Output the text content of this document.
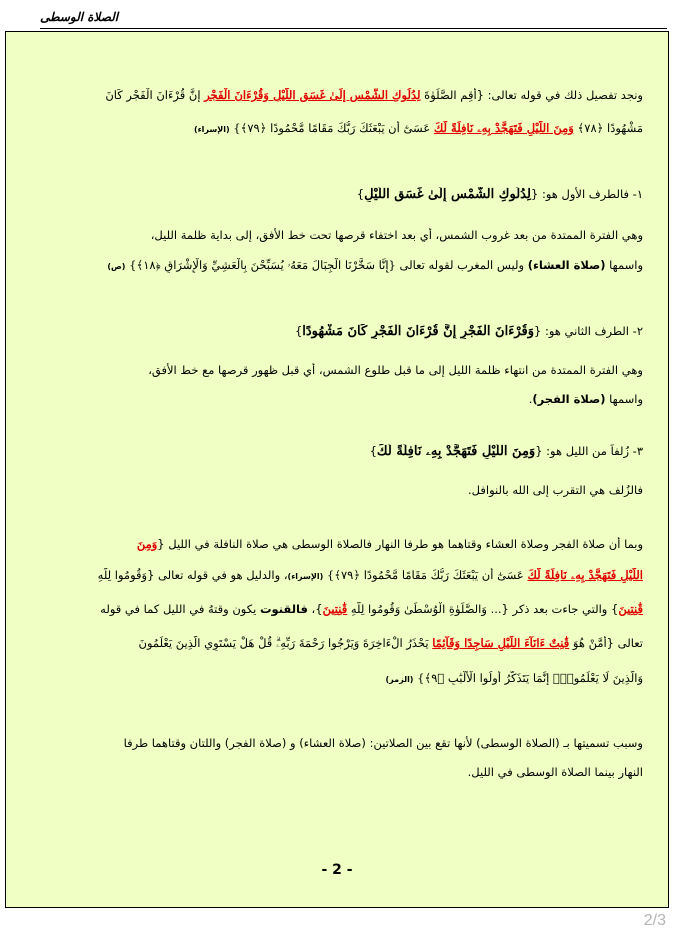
الصلاة الوسطى
ونجد تفصيل ذلك في قوله تعالى: {أَقِمِ الصَّلَوٰةَ لِدُلُوكِ الشَّمْسِ إِلَىٰ غَسَقِ اللَّيْلِ وَقُرْءَانَ الْفَجْرِ إِنَّ قُرْءَانَ الْفَجْرِ كَانَ
مَشْهُودًا ﴿٧٨﴾ وَمِنَ اللَّيْلِ فَتَهَجَّدْ بِهِۦ نَافِلَةً لَّكَ عَسَىٰٓ أَن يَبْعَثَكَ رَبُّكَ مَقَامًا مَّحْمُودًا ﴿٧٩﴾} (الإسراء)
١- فالطرف الأول هو: {لِدُلُوكِ الشَّمْسِ إِلَىٰ غَسَقِ اللَّيْلِ}
وهي الفترة الممتدة من بعد غروب الشمس، أي بعد اختفاء قرصها تحت خط الأفق، إلى بداية ظلمة الليل،
واسمها (صلاة العشاء) وليس المغرب لقوله تعالى {إِنَّا سَخَّرْنَا الْجِبَالَ مَعَهُۥ يُسَبِّحْنَ بِالْعَشِيِّ وَالْإِشْرَاقِ ﴿١٨﴾} (ص)
٢- الطرف الثاني هو: {وَقُرْءَانَ الْفَجْرِ إِنَّ قُرْءَانَ الْفَجْرِ كَانَ مَشْهُودًا}
وهي الفترة الممتدة من انتهاء ظلمة الليل إلى ما قبل طلوع الشمس، أي قبل ظهور قرصها مع خط الأفق،
واسمها (صلاة الفجر).
٣- زُلفاً من الليل هو: {وَمِنَ اللَّيْلِ فَتَهَجَّدْ بِهِۦ نَافِلَةً لَّكَ}
فالزُلف هي التقرب إلى الله بالنوافل.
وبما أن صلاة الفجر وصلاة العشاء وقتاهما هو طرفا النهار فالصلاة الوسطى هي صلاة النافلة في الليل {وَمِنَ
اللَّيْلِ فَتَهَجَّدْ بِهِۦ نَافِلَةً لَّكَ عَسَىٰٓ أَن يَبْعَثَكَ رَبُّكَ مَقَامًا مَّحْمُودًا ﴿٧٩﴾} (الإسراء)، والدليل هو في قوله تعالى {وَقُومُوا لِلَّهِ
قَٰنِتِينَ} والتي جاءت بعد ذكر {... وَالصَّلَوٰةِ الْوُسْطَىٰ وَقُومُوا لِلَّهِ قَٰنِتِينَ}، فالقنوت يكون وقتهُ في الليل كما في قوله
تعالى {أَمَّنْ هُوَ قَٰنِتٌ ءَانَآءَ اللَّيْلِ سَاجِدًا وَقَآئِمًا يَحْذَرُ الْءَاخِرَةَ وَيَرْجُوا رَحْمَةَ رَبِّهِۦۗ قُلْ هَلْ يَسْتَوِي الَّذِينَ يَعْلَمُونَ
وَالَّذِينَ لَا يَعْلَمُونَۗ إِنَّمَا يَتَذَكَّرُ أُولُوا الْأَلْبَٰبِ ﴿٩﴾} (الزمر)
وسبب تسميتها بـ (الصلاة الوسطى) لأنها تقع بين الصلاتين: (صلاة العشاء) و (صلاة الفجر) واللتان وقتاهما طرفا
النهار بينما الصلاة الوسطى في الليل.
- 2 -
2/3
